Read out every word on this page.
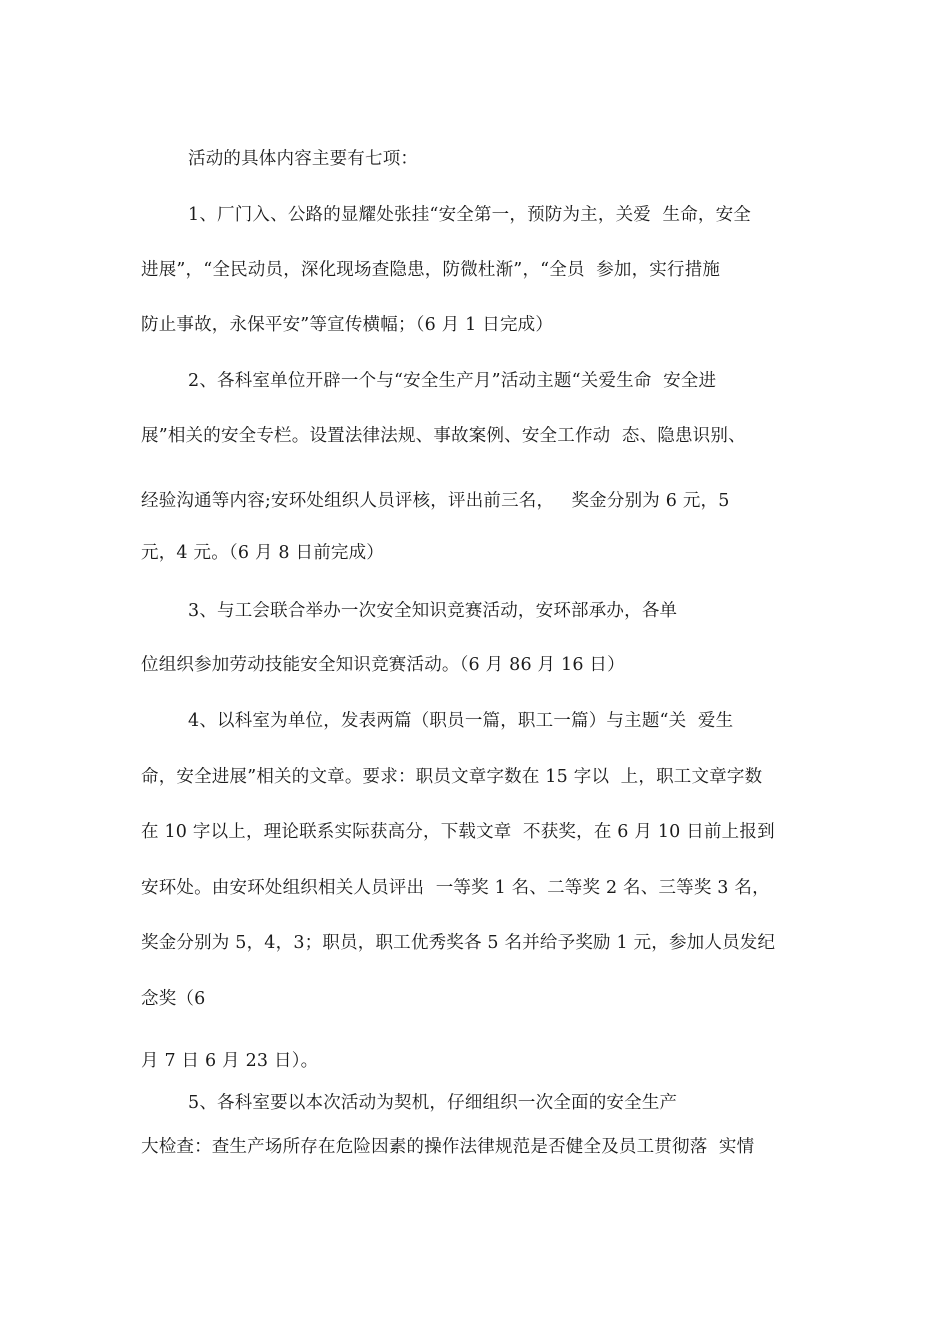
活动的具体内容主要有七项：
1、厂门入、公路的显耀处张挂“安全第一，预防为主，关爱  生命，安全
进展”，“全民动员，深化现场查隐患，防微杜渐”，“全员  参加，实行措施
防止事故，永保平安”等宣传横幅；（6 月 1 日完成）
2、各科室单位开辟一个与“安全生产月”活动主题“关爱生命  安全进
展”相关的安全专栏。设置法律法规、事故案例、安全工作动  态、隐患识别、
经验沟通等内容;安环处组织人员评核，评出前三名，   奖金分别为 6 元，5
元，4 元。（6 月 8 日前完成）
3、与工会联合举办一次安全知识竞赛活动，安环部承办，各单
位组织参加劳动技能安全知识竞赛活动。（6 月 86 月 16 日）
4、以科室为单位，发表两篇（职员一篇，职工一篇）与主题“关  爱生
命，安全进展”相关的文章。要求：职员文章字数在 15 字以  上，职工文章字数
在 10 字以上，理论联系实际获高分，下载文章  不获奖，在 6 月 10 日前上报到
安环处。由安环处组织相关人员评出  一等奖 1 名、二等奖 2 名、三等奖 3 名，
奖金分别为 5，4，3；职员，职工优秀奖各 5 名并给予奖励 1 元，参加人员发纪
念奖（6
月 7 日 6 月 23 日）。
5、各科室要以本次活动为契机，仔细组织一次全面的安全生产
大检查：查生产场所存在危险因素的操作法律规范是否健全及员工贯彻落  实情
